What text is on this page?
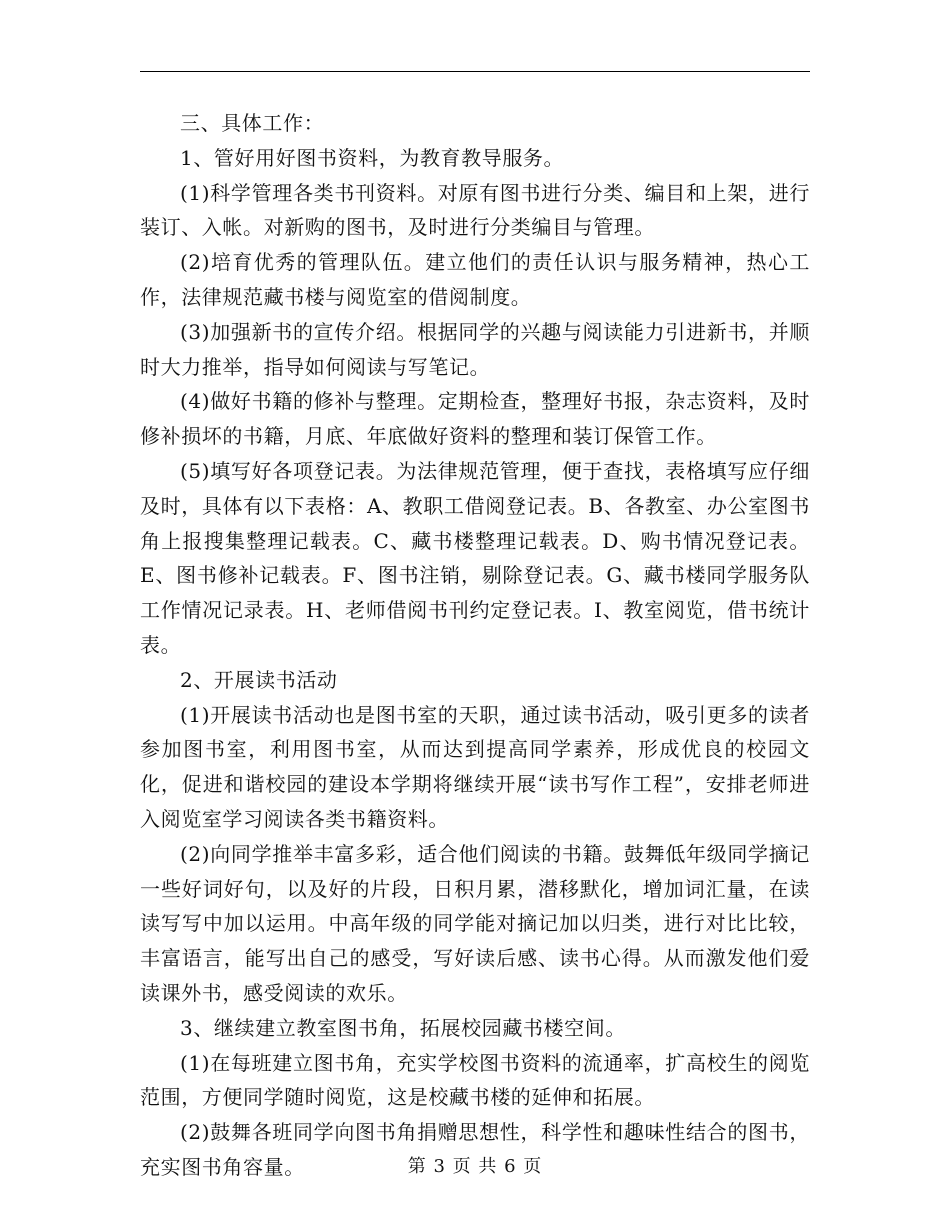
三、具体工作：

1、管好用好图书资料，为教育教导服务。

(1)科学管理各类书刊资料。对原有图书进行分类、编目和上架，进行装订、入帐。对新购的图书，及时进行分类编目与管理。

(2)培育优秀的管理队伍。建立他们的责任认识与服务精神，热心工作，法律规范藏书楼与阅览室的借阅制度。

(3)加强新书的宣传介绍。根据同学的兴趣与阅读能力引进新书，并顺时大力推举，指导如何阅读与写笔记。

(4)做好书籍的修补与整理。定期检查，整理好书报，杂志资料，及时修补损坏的书籍，月底、年底做好资料的整理和装订保管工作。

(5)填写好各项登记表。为法律规范管理，便于查找，表格填写应仔细及时，具体有以下表格：A、教职工借阅登记表。B、各教室、办公室图书角上报搜集整理记载表。C、藏书楼整理记载表。D、购书情况登记表。E、图书修补记载表。F、图书注销，剔除登记表。G、藏书楼同学服务队工作情况记录表。H、老师借阅书刊约定登记表。I、教室阅览，借书统计表。

2、开展读书活动

(1)开展读书活动也是图书室的天职，通过读书活动，吸引更多的读者参加图书室，利用图书室，从而达到提高同学素养，形成优良的校园文化，促进和谐校园的建设本学期将继续开展“读书写作工程”，安排老师进入阅览室学习阅读各类书籍资料。

(2)向同学推举丰富多彩，适合他们阅读的书籍。鼓舞低年级同学摘记一些好词好句，以及好的片段，日积月累，潜移默化，增加词汇量，在读读写写中加以运用。中高年级的同学能对摘记加以归类，进行对比比较，丰富语言，能写出自己的感受，写好读后感、读书心得。从而激发他们爱读课外书，感受阅读的欢乐。

3、继续建立教室图书角，拓展校园藏书楼空间。

(1)在每班建立图书角，充实学校图书资料的流通率，扩高校生的阅览范围，方便同学随时阅览，这是校藏书楼的延伸和拓展。

(2)鼓舞各班同学向图书角捐赠思想性，科学性和趣味性结合的图书，充实图书角容量。	第 3 页 共 6 页
